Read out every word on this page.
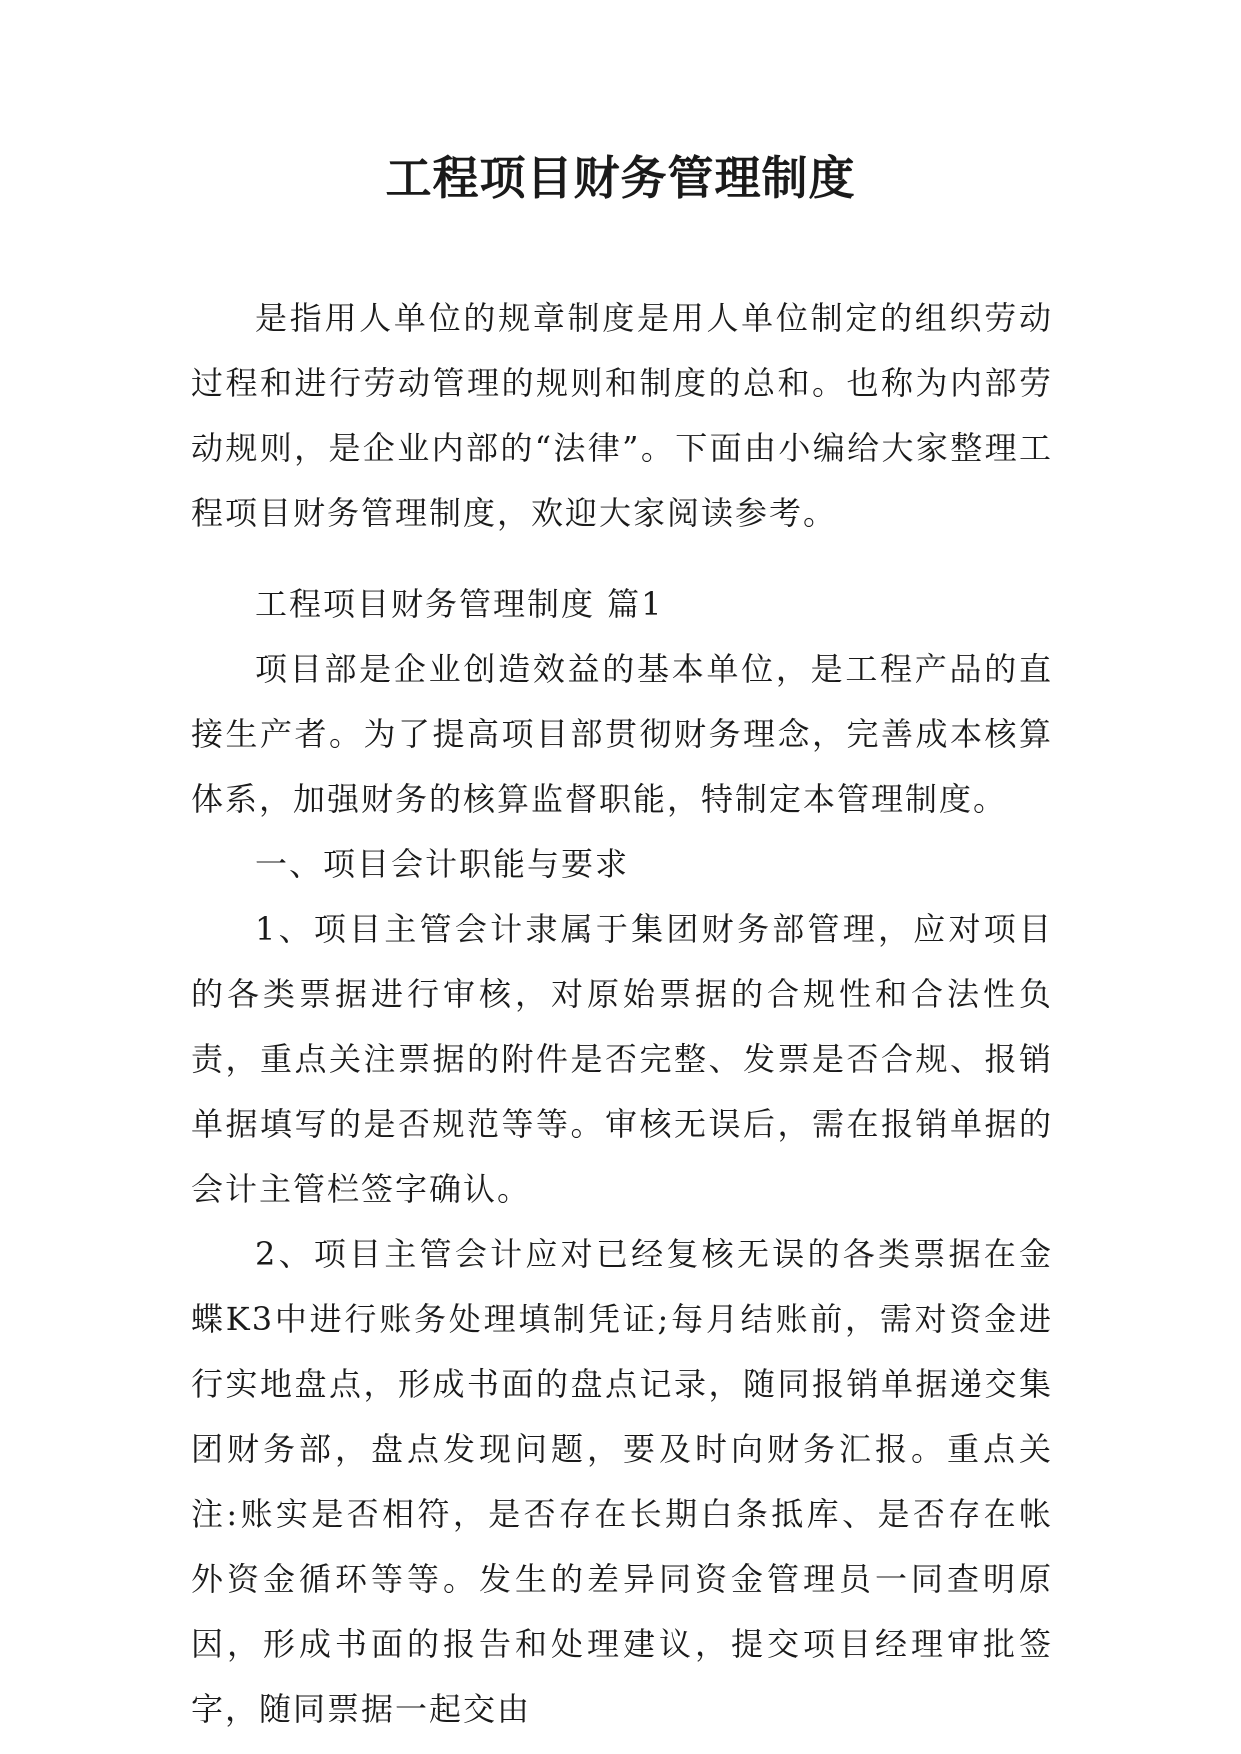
工程项目财务管理制度

是指用人单位的规章制度是用人单位制定的组织劳动过程和进行劳动管理的规则和制度的总和。也称为内部劳动规则，是企业内部的“法律”。下面由小编给大家整理工程项目财务管理制度，欢迎大家阅读参考。

工程项目财务管理制度 篇1

项目部是企业创造效益的基本单位，是工程产品的直接生产者。为了提高项目部贯彻财务理念，完善成本核算体系，加强财务的核算监督职能，特制定本管理制度。

一、项目会计职能与要求

1、项目主管会计隶属于集团财务部管理，应对项目的各类票据进行审核，对原始票据的合规性和合法性负责，重点关注票据的附件是否完整、发票是否合规、报销单据填写的是否规范等等。审核无误后，需在报销单据的会计主管栏签字确认。

2、项目主管会计应对已经复核无误的各类票据在金蝶K3中进行账务处理填制凭证;每月结账前，需对资金进行实地盘点，形成书面的盘点记录，随同报销单据递交集团财务部，盘点发现问题，要及时向财务汇报。重点关注:账实是否相符，是否存在长期白条抵库、是否存在帐外资金循环等等。发生的差异同资金管理员一同查明原因，形成书面的报告和处理建议，提交项目经理审批签字，随同票据一起交由
